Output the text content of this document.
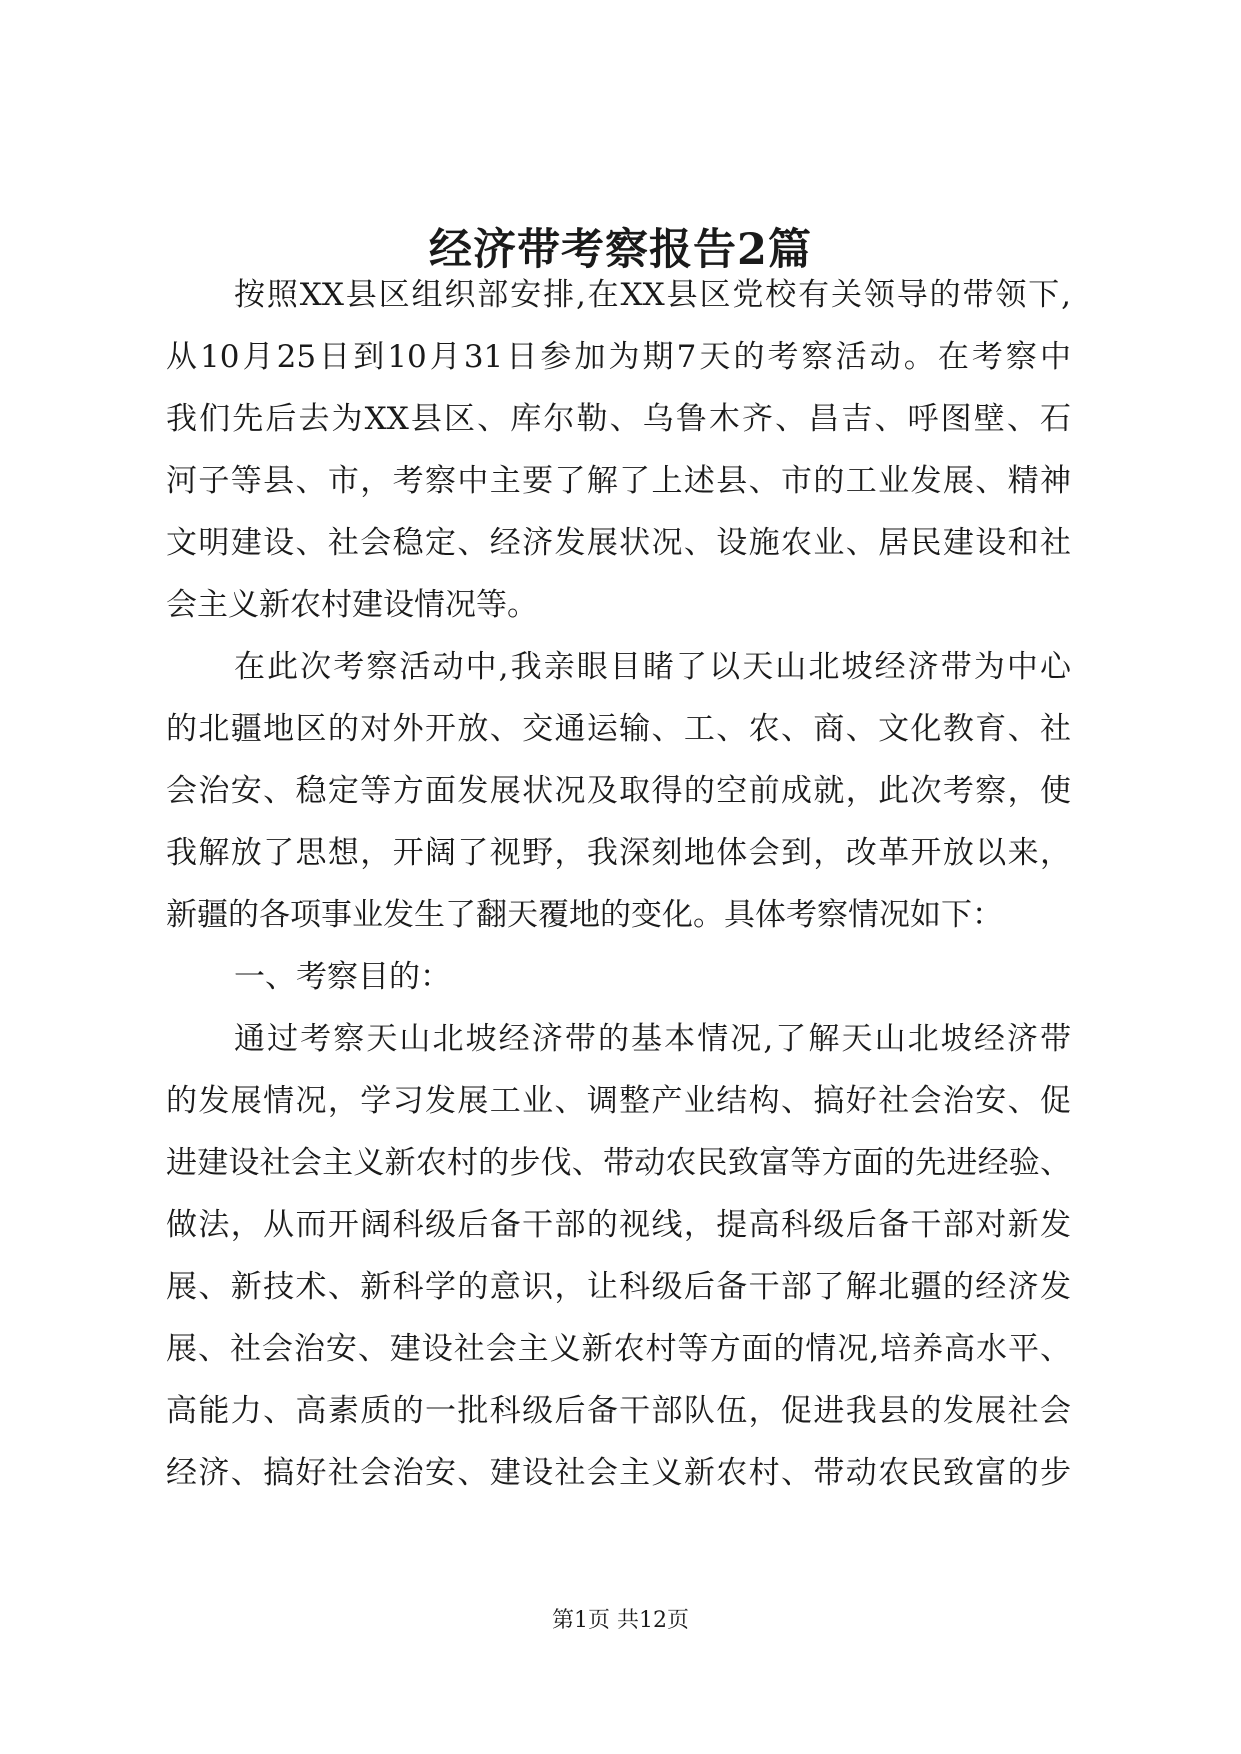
经济带考察报告2篇
按照XX县区组织部安排,在XX县区党校有关领导的带领下,
从10月25日到10月31日参加为期7天的考察活动。在考察中
我们先后去为XX县区、库尔勒、乌鲁木齐、昌吉、呼图壁、石
河子等县、市，考察中主要了解了上述县、市的工业发展、精神
文明建设、社会稳定、经济发展状况、设施农业、居民建设和社
会主义新农村建设情况等。
在此次考察活动中,我亲眼目睹了以天山北坡经济带为中心
的北疆地区的对外开放、交通运输、工、农、商、文化教育、社
会治安、稳定等方面发展状况及取得的空前成就，此次考察，使
我解放了思想，开阔了视野，我深刻地体会到，改革开放以来，
新疆的各项事业发生了翻天覆地的变化。具体考察情况如下：
一、考察目的：
通过考察天山北坡经济带的基本情况,了解天山北坡经济带
的发展情况，学习发展工业、调整产业结构、搞好社会治安、促
进建设社会主义新农村的步伐、带动农民致富等方面的先进经验、
做法，从而开阔科级后备干部的视线，提高科级后备干部对新发
展、新技术、新科学的意识，让科级后备干部了解北疆的经济发
展、社会治安、建设社会主义新农村等方面的情况,培养高水平、
高能力、高素质的一批科级后备干部队伍，促进我县的发展社会
经济、搞好社会治安、建设社会主义新农村、带动农民致富的步
第1页 共12页
